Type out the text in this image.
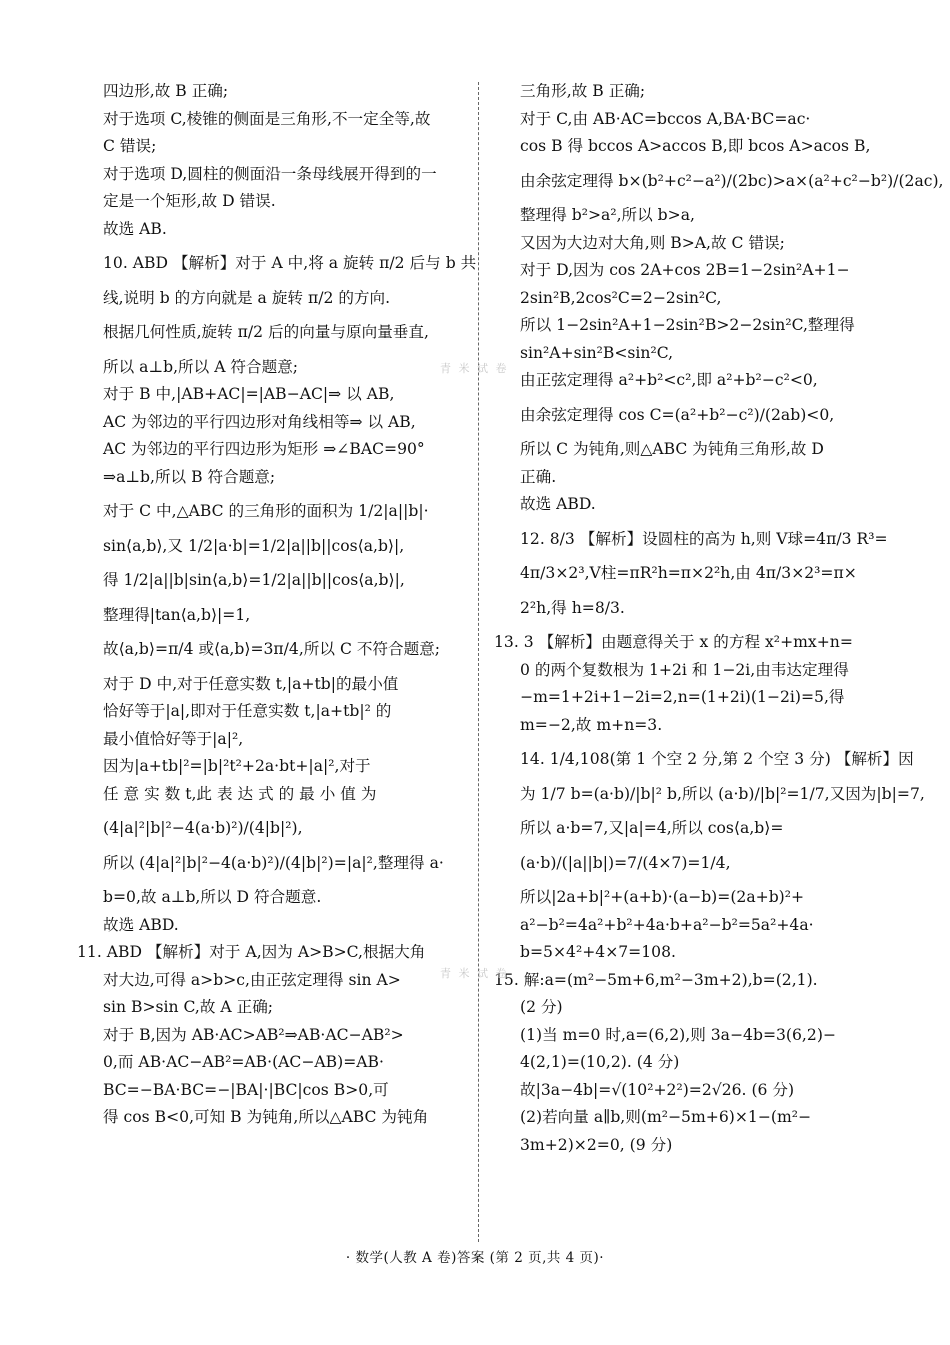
四边形,故 B 正确;

对于选项 C,棱锥的侧面是三角形,不一定全等,故

C 错误;

对于选项 D,圆柱的侧面沿一条母线展开得到的一

定是一个矩形,故 D 错误.

故选 AB.

10. ABD 【解析】对于 A 中,将 a 旋转 π/2 后与 b 共

线,说明 b 的方向就是 a 旋转 π/2 的方向.

根据几何性质,旋转 π/2 后的向量与原向量垂直,

所以 a⊥b,所以 A 符合题意;

对于 B 中,|AB+AC|=|AB−AC|⇒ 以 AB,

AC 为邻边的平行四边形对角线相等⇒ 以 AB,

AC 为邻边的平行四边形为矩形 ⇒∠BAC=90°

⇒a⊥b,所以 B 符合题意;

对于 C 中,△ABC 的三角形的面积为 1/2|a||b|·

sin⟨a,b⟩,又 1/2|a·b|=1/2|a||b||cos⟨a,b⟩|,

得 1/2|a||b|sin⟨a,b⟩=1/2|a||b||cos⟨a,b⟩|,

整理得|tan⟨a,b⟩|=1,

故⟨a,b⟩=π/4 或⟨a,b⟩=3π/4,所以 C 不符合题意;

对于 D 中,对于任意实数 t,|a+tb|的最小值

恰好等于|a|,即对于任意实数 t,|a+tb|² 的

最小值恰好等于|a|²,

因为|a+tb|²=|b|²t²+2a·bt+|a|²,对于

任 意 实 数 t,此 表 达 式 的 最 小 值 为

(4|a|²|b|²−4(a·b)²)/(4|b|²),

所以 (4|a|²|b|²−4(a·b)²)/(4|b|²)=|a|²,整理得 a·

b=0,故 a⊥b,所以 D 符合题意.

故选 ABD.

11. ABD 【解析】对于 A,因为 A>B>C,根据大角

对大边,可得 a>b>c,由正弦定理得 sin A>

sin B>sin C,故 A 正确;

对于 B,因为 AB·AC>AB²⇒AB·AC−AB²>

0,而 AB·AC−AB²=AB·(AC−AB)=AB·

BC=−BA·BC=−|BA|·|BC|cos B>0,可

得 cos B<0,可知 B 为钝角,所以△ABC 为钝角

三角形,故 B 正确;

对于 C,由 AB·AC=bccos A,BA·BC=ac·

cos B 得 bccos A>accos B,即 bcos A>acos B,

由余弦定理得 b×(b²+c²−a²)/(2bc)>a×(a²+c²−b²)/(2ac),

整理得 b²>a²,所以 b>a,

又因为大边对大角,则 B>A,故 C 错误;

对于 D,因为 cos 2A+cos 2B=1−2sin²A+1−

2sin²B,2cos²C=2−2sin²C,

所以 1−2sin²A+1−2sin²B>2−2sin²C,整理得

sin²A+sin²B<sin²C,

由正弦定理得 a²+b²<c²,即 a²+b²−c²<0,

由余弦定理得 cos C=(a²+b²−c²)/(2ab)<0,

所以 C 为钝角,则△ABC 为钝角三角形,故 D

正确.

故选 ABD.

12. 8/3 【解析】设圆柱的高为 h,则 V球=4π/3 R³=

4π/3×2³,V柱=πR²h=π×2²h,由 4π/3×2³=π×

2²h,得 h=8/3.

13. 3 【解析】由题意得关于 x 的方程 x²+mx+n=

0 的两个复数根为 1+2i 和 1−2i,由韦达定理得

−m=1+2i+1−2i=2,n=(1+2i)(1−2i)=5,得

m=−2,故 m+n=3.

14. 1/4,108(第 1 个空 2 分,第 2 个空 3 分) 【解析】因

为 1/7 b=(a·b)/|b|² b,所以 (a·b)/|b|²=1/7,又因为|b|=7,

所以 a·b=7,又|a|=4,所以 cos⟨a,b⟩=

(a·b)/(|a||b|)=7/(4×7)=1/4,

所以|2a+b|²+(a+b)·(a−b)=(2a+b)²+

a²−b²=4a²+b²+4a·b+a²−b²=5a²+4a·

b=5×4²+4×7=108.

15. 解:a=(m²−5m+6,m²−3m+2),b=(2,1).

(2 分)

(1)当 m=0 时,a=(6,2),则 3a−4b=3(6,2)−

4(2,1)=(10,2). (4 分)

故|3a−4b|=√(10²+2²)=2√26. (6 分)

(2)若向量 a∥b,则(m²−5m+6)×1−(m²−

3m+2)×2=0, (9 分)

青 米 试 卷
青 米 试 卷
· 数学(人教 A 卷)答案 (第 2 页,共 4 页)·
